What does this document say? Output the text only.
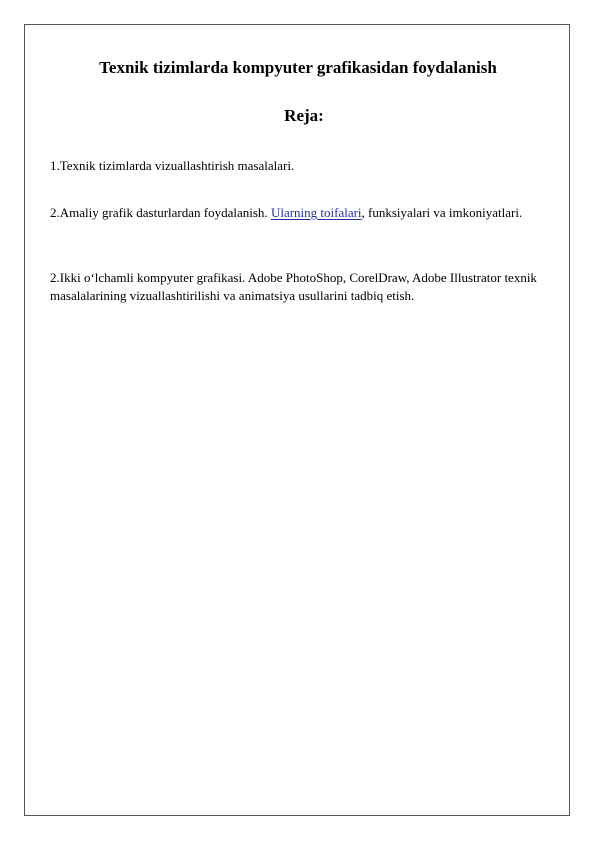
Texnik tizimlarda kompyuter grafikasidan foydalanish
Reja:

1.Texnik tizimlarda vizuallashtirish masalalari.

2.Amaliy grafik dasturlardan foydalanish. Ularning toifalari, funksiyalari va imkoniyatlari.

2.Ikki o‘lchamli kompyuter grafikasi. Adobe PhotoShop, CorelDraw, Adobe Illustrator texnik masalalarining vizuallashtirilishi va animatsiya usullarini tadbiq etish.
